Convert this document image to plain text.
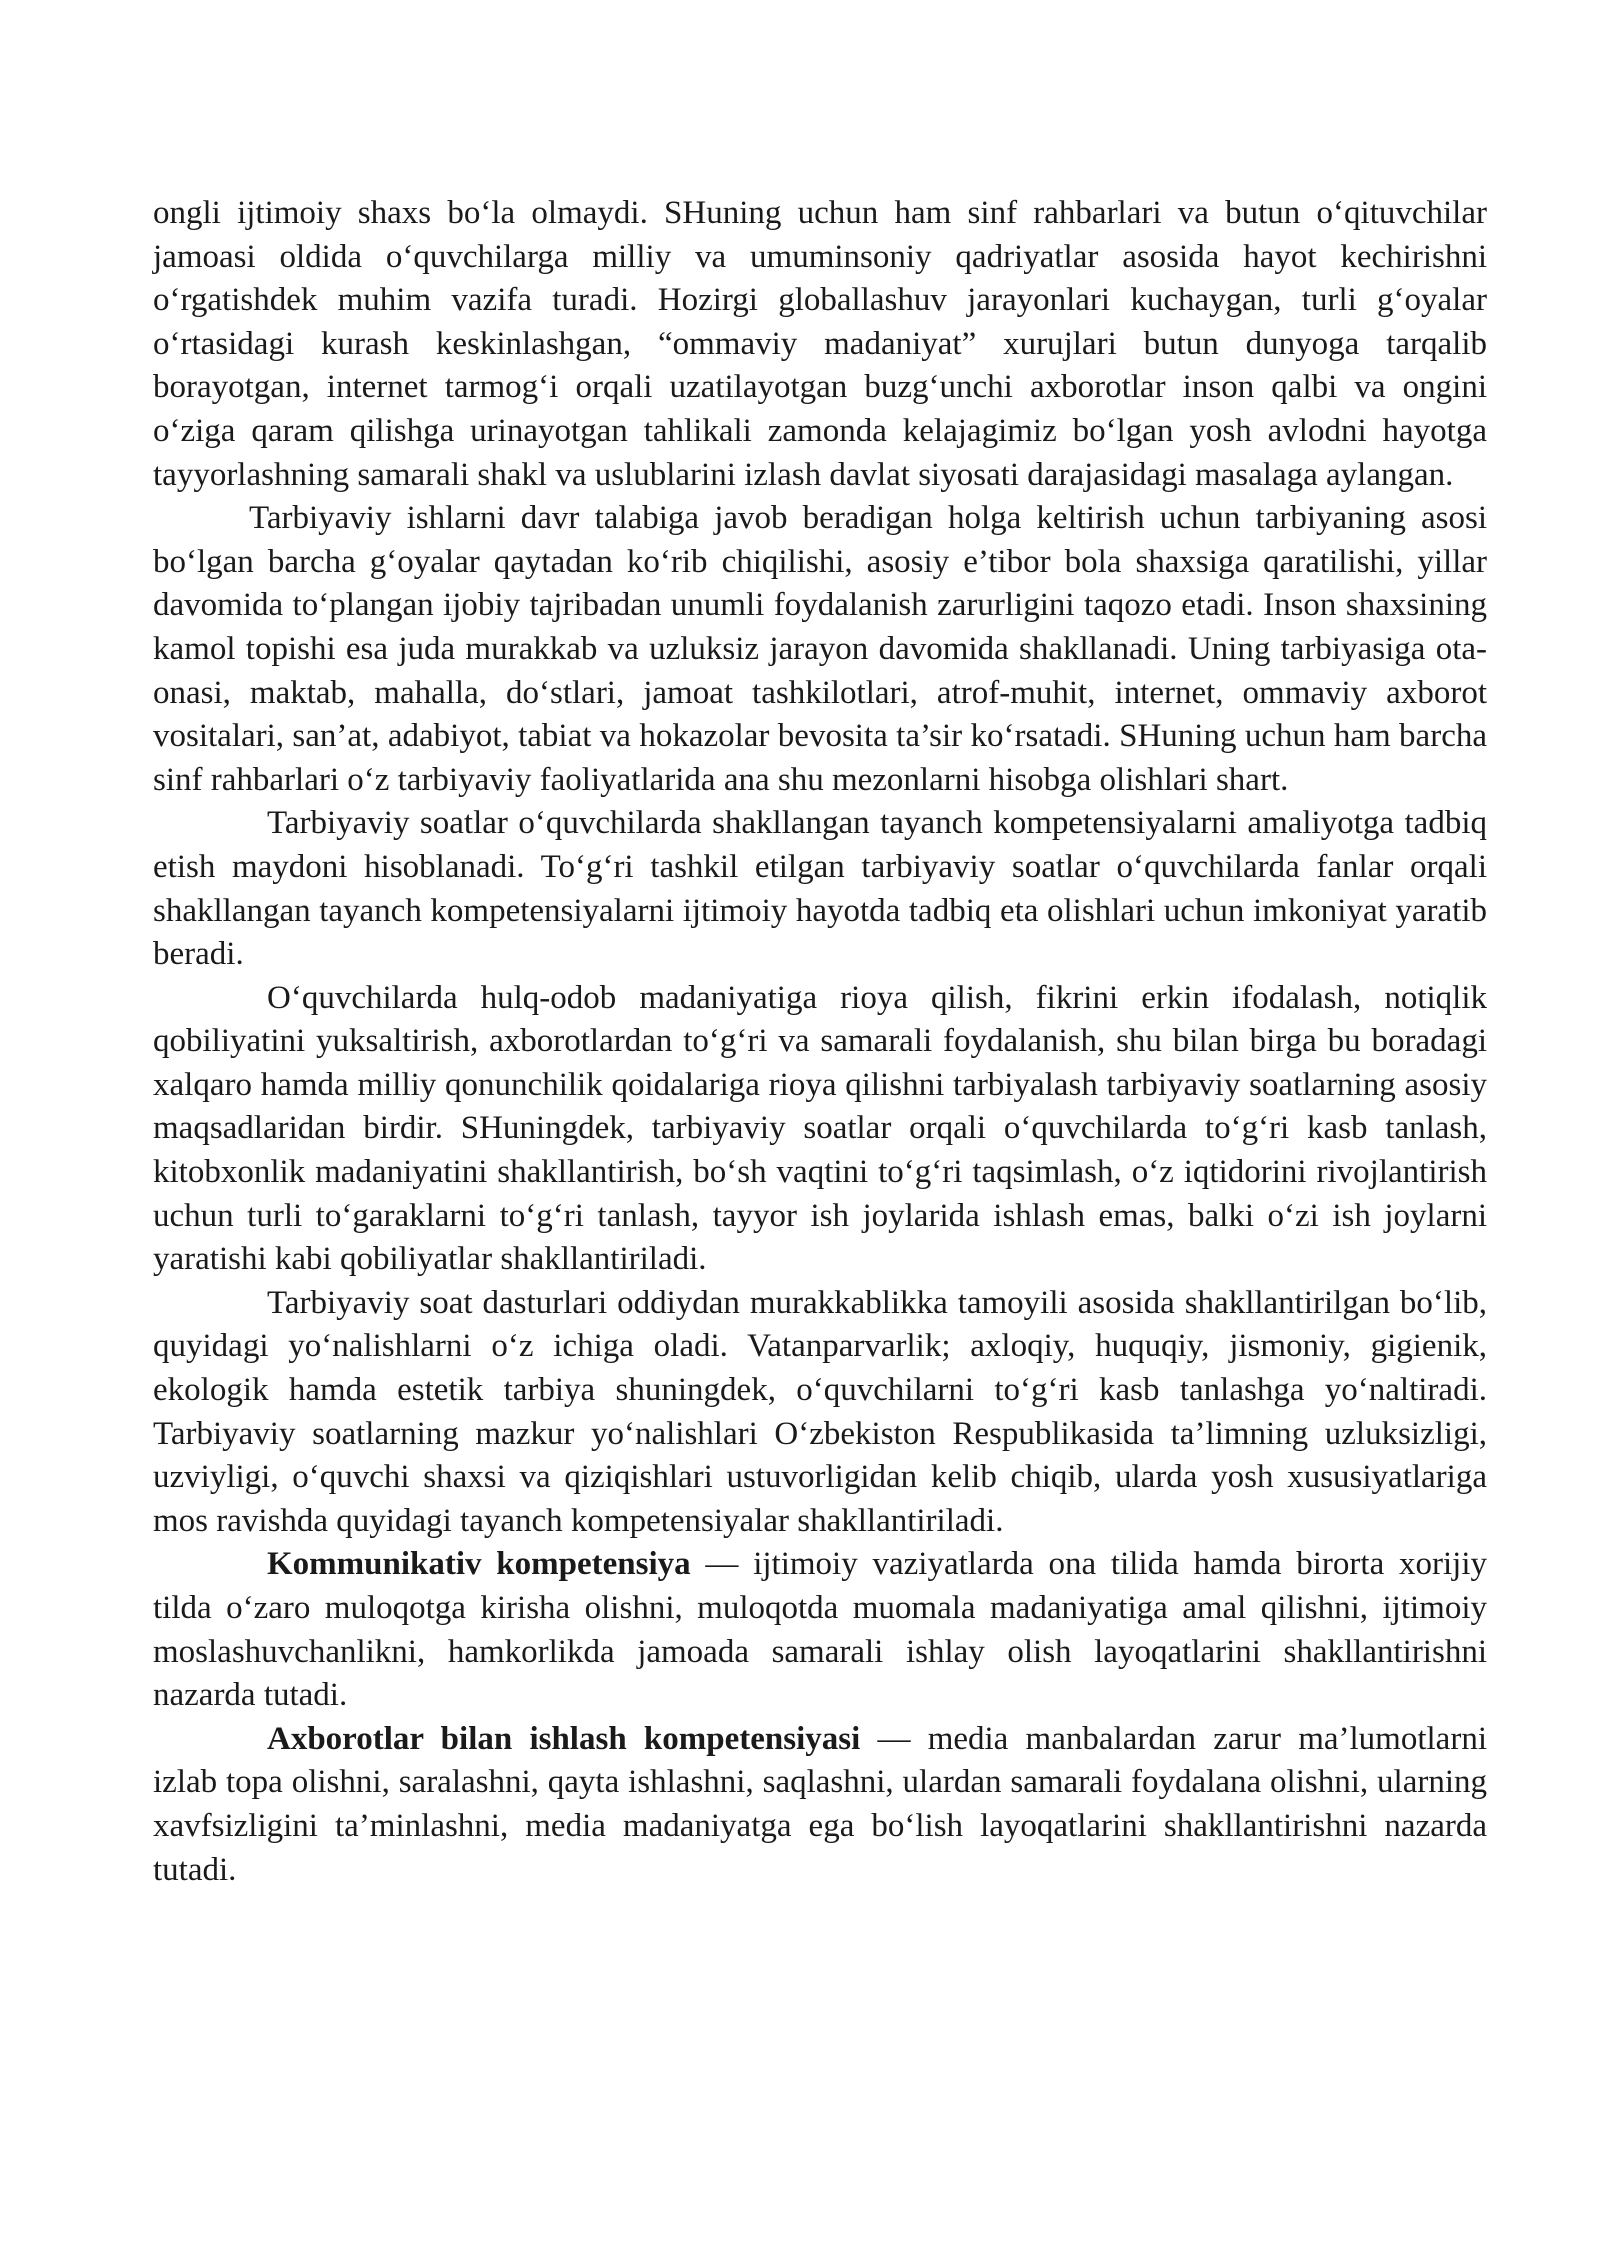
ongli ijtimoiy shaxs bo‘la olmaydi. SHuning uchun ham sinf rahbarlari va butun o‘qituvchilar jamoasi oldida o‘quvchilarga milliy va umuminsoniy qadriyatlar asosida hayot kechirishni o‘rgatishdek muhim vazifa turadi. Hozirgi globallashuv jarayonlari kuchaygan, turli g‘oyalar o‘rtasidagi kurash keskinlashgan, “ommaviy madaniyat” xurujlari butun dunyoga tarqalib borayotgan, internet tarmog‘i orqali uzatilayotgan buzg‘unchi axborotlar inson qalbi va ongini o‘ziga qaram qilishga urinayotgan tahlikali zamonda kelajagimiz bo‘lgan yosh avlodni hayotga tayyorlashning samarali shakl va uslublarini izlash davlat siyosati darajasidagi masalaga aylangan.

Tarbiyaviy ishlarni davr talabiga javob beradigan holga keltirish uchun tarbiyaning asosi bo‘lgan barcha g‘oyalar qaytadan ko‘rib chiqilishi, asosiy e’tibor bola shaxsiga qaratilishi, yillar davomida to‘plangan ijobiy tajribadan unumli foydalanish zarurligini taqozo etadi. Inson shaxsining kamol topishi esa juda murakkab va uzluksiz jarayon davomida shakllanadi. Uning tarbiyasiga ota-onasi, maktab, mahalla, do‘stlari, jamoat tashkilotlari, atrof-muhit, internet, ommaviy axborot vositalari, san’at, adabiyot, tabiat va hokazolar bevosita ta’sir ko‘rsatadi. SHuning uchun ham barcha sinf rahbarlari o‘z tarbiyaviy faoliyatlarida ana shu mezonlarni hisobga olishlari shart.

Tarbiyaviy soatlar o‘quvchilarda shakllangan tayanch kompetensiyalarni amaliyotga tadbiq etish maydoni hisoblanadi. To‘g‘ri tashkil etilgan tarbiyaviy soatlar o‘quvchilarda fanlar orqali shakllangan tayanch kompetensiyalarni ijtimoiy hayotda tadbiq eta olishlari uchun imkoniyat yaratib beradi.

O‘quvchilarda hulq-odob madaniyatiga rioya qilish, fikrini erkin ifodalash, notiqlik qobiliyatini yuksaltirish, axborotlardan to‘g‘ri va samarali foydalanish, shu bilan birga bu boradagi xalqaro hamda milliy qonunchilik qoidalariga rioya qilishni tarbiyalash tarbiyaviy soatlarning asosiy maqsadlaridan birdir. SHuningdek, tarbiyaviy soatlar orqali o‘quvchilarda to‘g‘ri kasb tanlash, kitobxonlik madaniyatini shakllantirish, bo‘sh vaqtini to‘g‘ri taqsimlash, o‘z iqtidorini rivojlantirish uchun turli to‘garaklarni to‘g‘ri tanlash, tayyor ish joylarida ishlash emas, balki o‘zi ish joylarni yaratishi kabi qobiliyatlar shakllantiriladi.

Tarbiyaviy soat dasturlari oddiydan murakkablikka tamoyili asosida shakllantirilgan bo‘lib, quyidagi yo‘nalishlarni o‘z ichiga oladi. Vatanparvarlik; axloqiy, huquqiy, jismoniy, gigienik, ekologik hamda estetik tarbiya shuningdek, o‘quvchilarni to‘g‘ri kasb tanlashga yo‘naltiradi. Tarbiyaviy soatlarning mazkur yo‘nalishlari O‘zbekiston Respublikasida ta’limning uzluksizligi, uzviyligi, o‘quvchi shaxsi va qiziqishlari ustuvorligidan kelib chiqib, ularda yosh xususiyatlariga mos ravishda quyidagi tayanch kompetensiyalar shakllantiriladi.

Kommunikativ kompetensiya — ijtimoiy vaziyatlarda ona tilida hamda birorta xorijiy tilda o‘zaro muloqotga kirisha olishni, muloqotda muomala madaniyatiga amal qilishni, ijtimoiy moslashuvchanlikni, hamkorlikda jamoada samarali ishlay olish layoqatlarini shakllantirishni nazarda tutadi.

Axborotlar bilan ishlash kompetensiyasi — media manbalardan zarur ma’lumotlarni izlab topa olishni, saralashni, qayta ishlashni, saqlashni, ulardan samarali foydalana olishni, ularning xavfsizligini ta’minlashni, media madaniyatga ega bo‘lish layoqatlarini shakllantirishni nazarda tutadi.
